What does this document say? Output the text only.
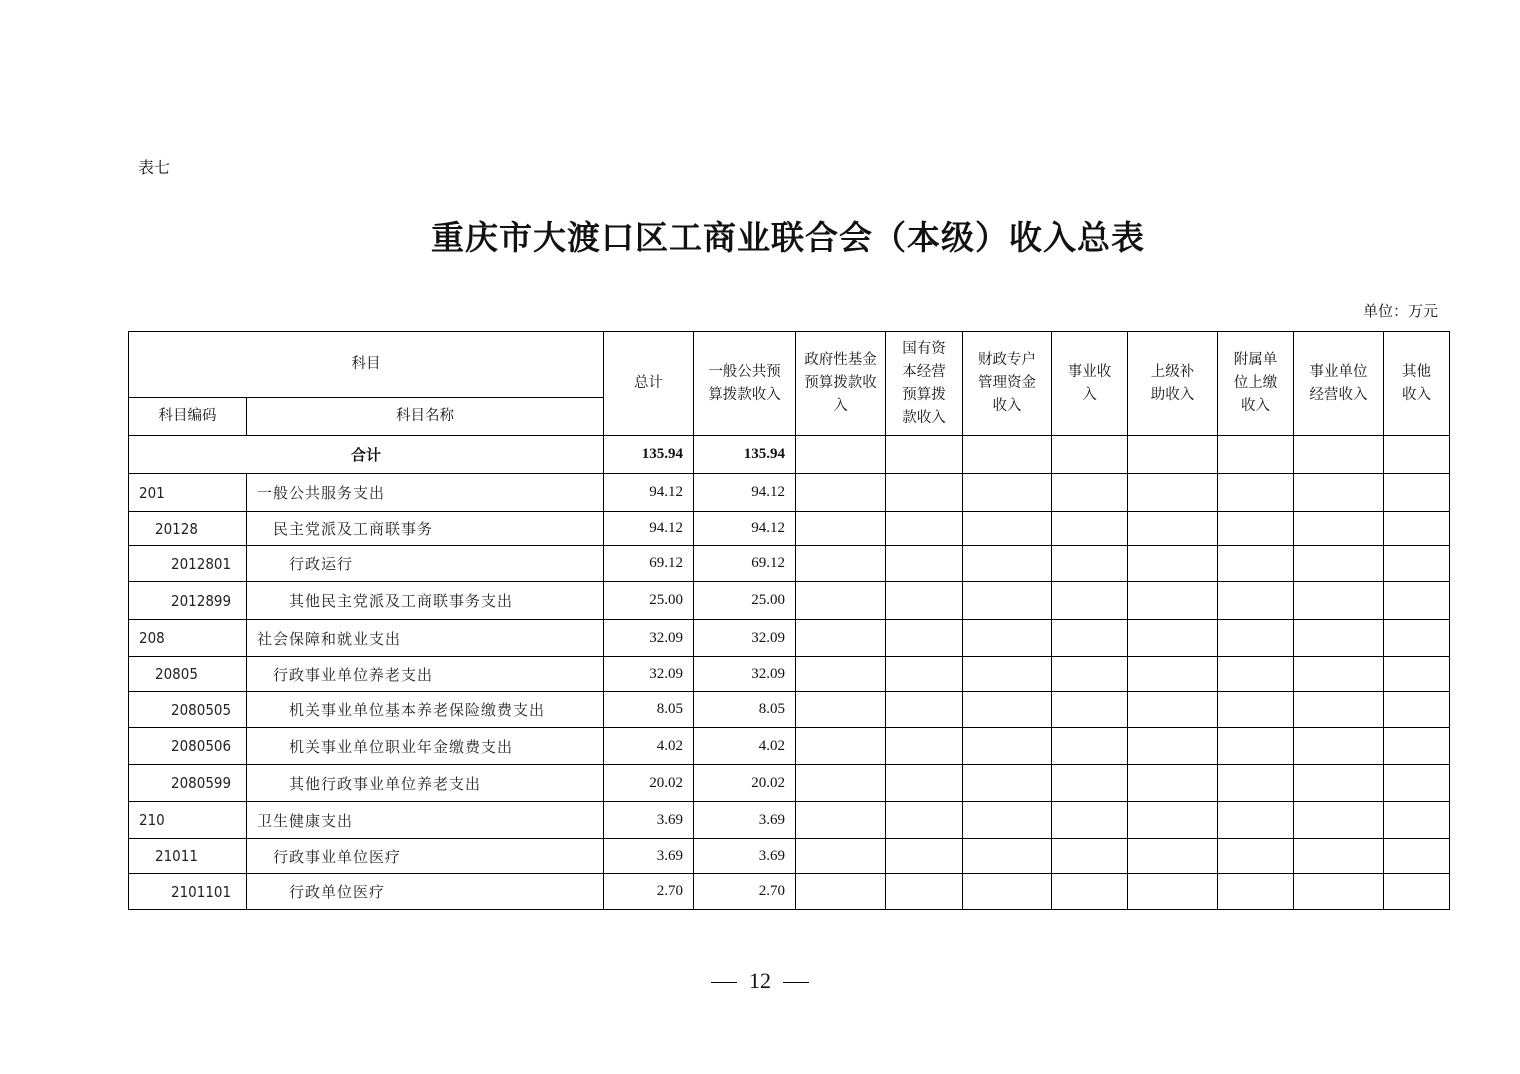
表七
重庆市大渡口区工商业联合会（本级）收入总表
单位：万元
科目		总计	一般公共预算拨款收入	政府性基金预算拨款收入	国有资本经营预算拨款收入	财政专户管理资金收入	事业收入	上级补助收入	附属单位上缴收入	事业单位经营收入	其他收入
科目编码	科目名称										
合计		135.94	135.94								
201	一般公共服务支出	94.12	94.12								
20128	民主党派及工商联事务	94.12	94.12								
2012801	行政运行	69.12	69.12								
2012899	其他民主党派及工商联事务支出	25.00	25.00								
208	社会保障和就业支出	32.09	32.09								
20805	行政事业单位养老支出	32.09	32.09								
2080505	机关事业单位基本养老保险缴费支出	8.05	8.05								
2080506	机关事业单位职业年金缴费支出	4.02	4.02								
2080599	其他行政事业单位养老支出	20.02	20.02								
210	卫生健康支出	3.69	3.69								
21011	行政事业单位医疗	3.69	3.69								
2101101	行政单位医疗	2.70	2.70								
12
